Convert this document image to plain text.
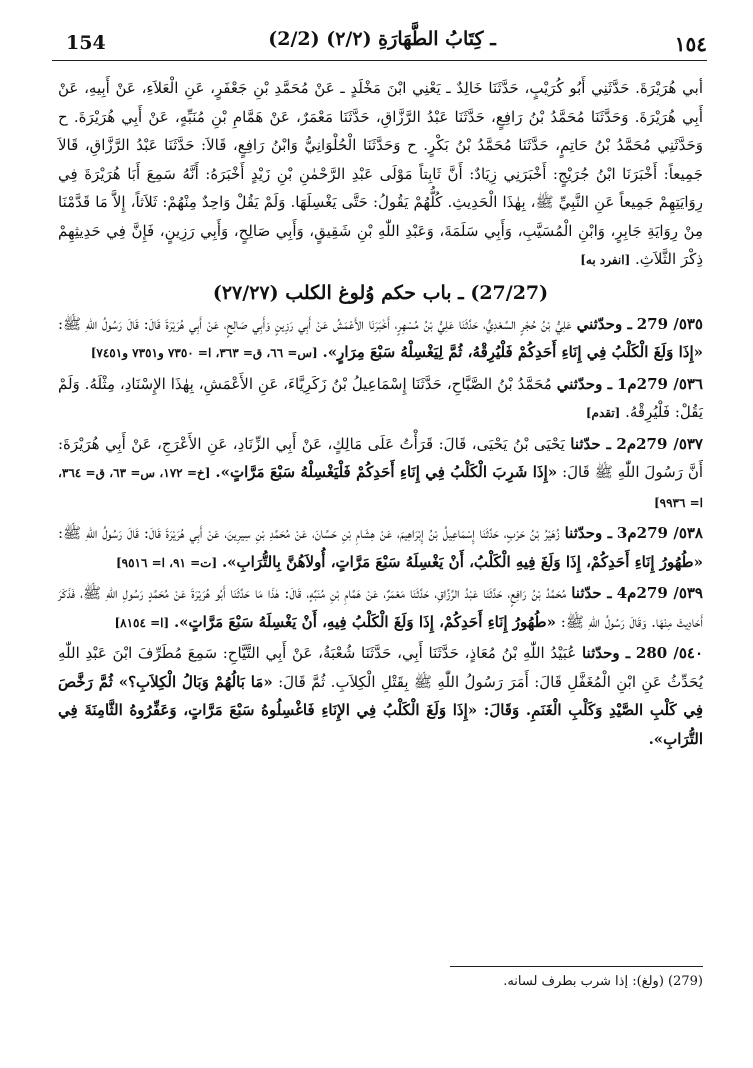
154	(2/2) ـ كِتَابُ الطَّهَارَةِ (٢/٢)	١٥٤

أبي هُرَيْرَةَ. حَدَّثَنِي أَبُو كُرَيْبٍ، حَدَّثَنَا خَالِدٌ ـ يَعْنِي ابْنَ مَخْلَدٍ ـ عَنْ مُحَمَّدِ بْنِ جَعْفَرٍ، عَنِ الْعَلاَءِ، عَنْ أَبِيهِ، عَنْ أَبِي هُرَيْرَةَ. وَحَدَّثَنَا مُحَمَّدُ بْنُ رَافِعٍ، حَدَّثَنَا عَبْدُ الرَّزَّاقِ، حَدَّثَنَا مَعْمَرٌ، عَنْ هَمَّامِ بْنِ مُنَبِّهٍ، عَنْ أَبِي هُرَيْرَةَ. ح وَحَدَّثَنِي مُحَمَّدُ بْنُ حَاتِمٍ، حَدَّثَنَا مُحَمَّدُ بْنُ بَكْرٍ. ح وَحَدَّثَنَا الْحُلْوَانِيُّ وَابْنُ رَافِعٍ، قَالاَ: حَدَّثَنَا عَبْدُ الرَّزَّاقِ، قَالاَ جَمِيعاً: أَخْبَرَنَا ابْنُ جُرَيْجٍ: أَخْبَرَنِي زِيَادٌ: أَنَّ ثَابِتاً مَوْلَى عَبْدِ الرَّحْمٰنِ بْنِ زَيْدٍ أَخْبَرَهُ: أَنَّهُ سَمِعَ أَبَا هُرَيْرَةَ فِي رِوَايَتِهِمْ جَمِيعاً عَنِ النَّبِيِّ ﷺ، بِهٰذَا الْحَدِيثِ. كُلُّهُمْ يَقُولُ: حَتَّى يَغْسِلَهَا. وَلَمْ يَقُلْ وَاحِدٌ مِنْهُمْ: ثَلاَثاً، إِلاَّ مَا قَدَّمْنَا مِنْ رِوَايَةِ جَابِرٍ، وَابْنِ الْمُسَيَّبِ، وَأَبِي سَلَمَةَ، وَعَبْدِ اللّٰهِ بْنِ شَقِيقٍ، وَأَبِي صَالِحٍ، وَأَبِي رَزِينٍ، فَإِنَّ فِي حَدِيثِهِمْ ذِكْرَ الثَّلاَثِ. [انفرد به]

(27/27) ـ باب حكم وُلوغ الكلب (٢٧/٢٧)

٥٣٥/ 279 ـ وحدّثني عَلِيُّ بْنُ حُجْرٍ السَّعْدِيُّ، حَدَّثَنَا عَلِيُّ بْنُ مُسْهِرٍ، أَخْبَرَنَا الأَعْمَشُ عَنْ أَبِي رَزِينٍ وَأَبِي صَالِحٍ، عَنْ أَبِي هُرَيْرَةَ قَالَ: قَالَ رَسُولُ اللّٰهِ ﷺ: «إِذَا وَلَغَ الْكَلْبُ فِي إِنَاءِ أَحَدِكُمْ فَلْيُرِقْهُ، ثُمَّ لِيَغْسِلْهُ سَبْعَ مِرَارٍ». [س= ٦٦، ق= ٣٦٣، ا= ٧٣٥٠ و٧٣٥١ و٧٤٥١]

٥٣٦/ 279م1 ـ وحدّثني مُحَمَّدُ بْنُ الصَّبَّاحِ، حَدَّثَنَا إِسْمَاعِيلُ بْنُ زَكَرِيَّاءَ، عَنِ الأَعْمَشِ، بِهٰذَا الإِسْنَادِ، مِثْلَهُ. وَلَمْ يَقُلْ: فَلْيُرِقْهُ. [تقدم]

٥٣٧/ 279م2 ـ حدّثنا يَحْيَى بْنُ يَحْيَى، قَالَ: قَرَأْتُ عَلَى مَالِكٍ، عَنْ أَبِي الزِّنَادِ، عَنِ الأَعْرَجِ، عَنْ أَبِي هُرَيْرَةَ: أَنَّ رَسُولَ اللّٰهِ ﷺ قَالَ: «إِذَا شَرِبَ الْكَلْبُ فِي إِنَاءِ أَحَدِكُمْ فَلْيَغْسِلْهُ سَبْعَ مَرَّاتٍ». [خ= ١٧٢، س= ٦٣، ق= ٣٦٤، ا= ٩٩٣٦]

٥٣٨/ 279م3 ـ وحدّثنا زُهَيْرُ بْنُ حَرْبٍ، حَدَّثَنَا إِسْمَاعِيلُ بْنُ إِبْرَاهِيمَ، عَنْ هِشَامِ بْنِ حَسَّانَ، عَنْ مُحَمَّدِ بْنِ سِيرِينَ، عَنْ أَبِي هُرَيْرَةَ قَالَ: قَالَ رَسُولُ اللّٰهِ ﷺ: «طُهُورُ إِنَاءِ أَحَدِكُمْ، إِذَا وَلَغَ فِيهِ الْكَلْبُ، أَنْ يَغْسِلَهُ سَبْعَ مَرَّاتٍ، أُولاَهُنَّ بِالتُّرَابِ». [ت= ٩١، ا= ٩٥١٦]

٥٣٩/ 279م4 ـ حدّثنا مُحَمَّدُ بْنُ رَافِعٍ، حَدَّثَنَا عَبْدُ الرَّزَّاقِ، حَدَّثَنَا مَعْمَرٌ، عَنْ هَمَّامِ بْنِ مُنَبِّهٍ، قَالَ: هٰذَا مَا حَدَّثَنَا أَبُو هُرَيْرَةَ عَنْ مُحَمَّدٍ رَسُولِ اللّٰهِ ﷺ، فَذَكَرَ أَحَادِيثَ مِنْهَا. وَقَالَ رَسُولُ اللّٰهِ ﷺ: «طُهُورُ إِنَاءِ أَحَدِكُمْ، إِذَا وَلَغَ الْكَلْبُ فِيهِ، أَنْ يَغْسِلَهُ سَبْعَ مَرَّاتٍ». [ا= ٨١٥٤]

٥٤٠/ 280 ـ وحدّثنا عُبَيْدُ اللّٰهِ بْنُ مُعَاذٍ، حَدَّثَنَا أَبِي، حَدَّثَنَا شُعْبَةُ، عَنْ أَبِي التَّيَّاحِ: سَمِعَ مُطَرِّفَ ابْنَ عَبْدِ اللّٰهِ يُحَدِّثُ عَنِ ابْنِ الْمُغَفَّلِ قَالَ: أَمَرَ رَسُولُ اللّٰهِ ﷺ بِقَتْلِ الْكِلاَبِ. ثُمَّ قَالَ: «مَا بَالُهُمْ وَبَالُ الْكِلاَبِ؟» ثُمَّ رَخَّصَ فِي كَلْبِ الصَّيْدِ وَكَلْبِ الْغَنَمِ. وَقَالَ: «إِذَا وَلَغَ الْكَلْبُ فِي الإِنَاءِ فَاغْسِلُوهُ سَبْعَ مَرَّاتٍ، وَعَفِّرُوهُ الثَّامِنَةَ فِي التُّرَابِ».

(279) (ولغ): إذا شرب بطرف لسانه.
